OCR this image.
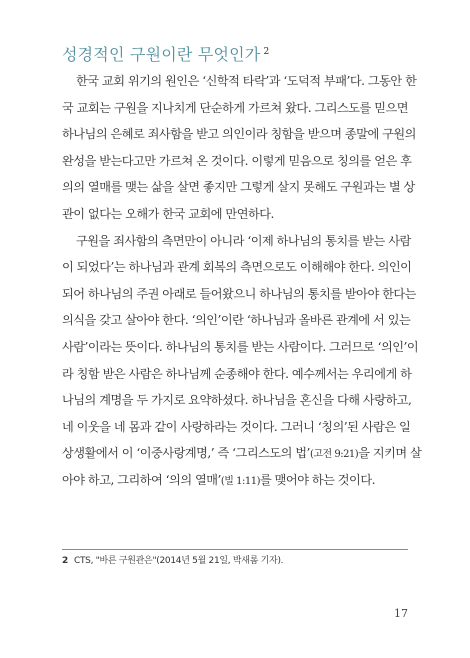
성경적인 구원이란 무엇인가 $^2$
한국 교회 위기의 원인은 ‘신학적 타락’과 ‘도덕적 부패’다. 그동안 한
국 교회는 구원을 지나치게 단순하게 가르쳐 왔다. 그리스도를 믿으면
하나님의 은혜로 죄사함을 받고 의인이라 칭함을 받으며 종말에 구원의
완성을 받는다고만 가르쳐 온 것이다. 이렇게 믿음으로 칭의를 얻은 후
의의 열매를 맺는 삶을 살면 좋지만 그렇게 살지 못해도 구원과는 별 상
관이 없다는 오해가 한국 교회에 만연하다.
구원을 죄사함의 측면만이 아니라 ‘이제 하나님의 통치를 받는 사람
이 되었다’는 하나님과 관계 회복의 측면으로도 이해해야 한다. 의인이
되어 하나님의 주권 아래로 들어왔으니 하나님의 통치를 받아야 한다는
의식을 갖고 살아야 한다. ‘의인’이란 ‘하나님과 올바른 관계에 서 있는
사람’이라는 뜻이다. 하나님의 통치를 받는 사람이다. 그러므로 ‘의인’이
라 칭함 받은 사람은 하나님께 순종해야 한다. 예수께서는 우리에게 하
나님의 계명을 두 가지로 요약하셨다. 하나님을 혼신을 다해 사랑하고,
네 이웃을 네 몸과 같이 사랑하라는 것이다. 그러니 ‘칭의’된 사람은 일
상생활에서 이 ‘이중사랑계명,’ 즉 ‘그리스도의 법’(고전 9:21)을 지키며 살
아야 하고, 그리하여 ‘의의 열매’(빌 1:11)를 맺어야 하는 것이다.
2 CTS, "바른 구원관은"(2014년 5월 21일, 박새롬 기자).
17
